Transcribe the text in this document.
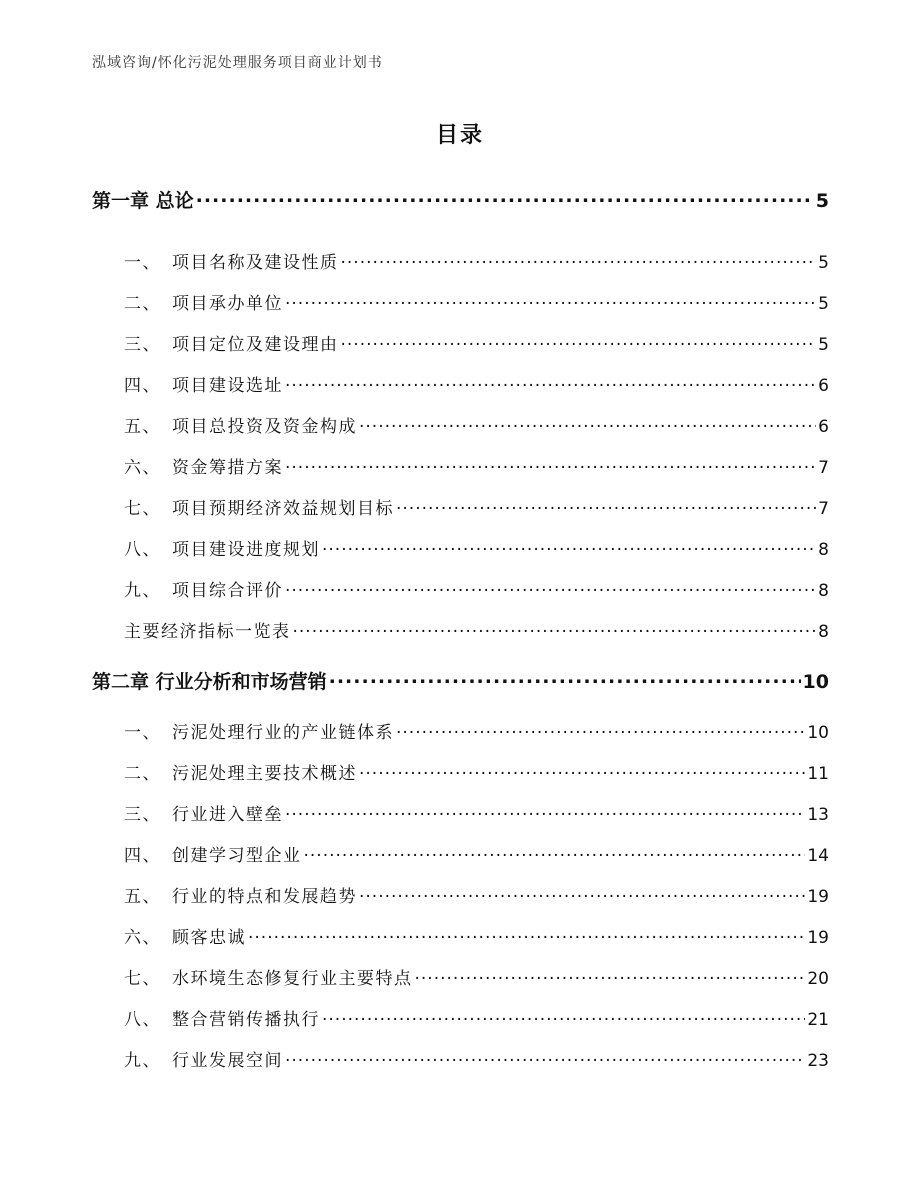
泓域咨询/怀化污泥处理服务项目商业计划书
目录
第一章 总论 .....	5
一、 项目名称及建设性质 .....	5
二、 项目承办单位 .....	5
三、 项目定位及建设理由 .....	5
四、 项目建设选址 .....	6
五、 项目总投资及资金构成 .....	6
六、 资金筹措方案 .....	7
七、 项目预期经济效益规划目标 .....	7
八、 项目建设进度规划 .....	8
九、 项目综合评价 .....	8
主要经济指标一览表 .....	8
第二章 行业分析和市场营销 .....	10
一、 污泥处理行业的产业链体系 .....	10
二、 污泥处理主要技术概述 .....	11
三、 行业进入壁垒 .....	13
四、 创建学习型企业 .....	14
五、 行业的特点和发展趋势 .....	19
六、 顾客忠诚 .....	19
七、 水环境生态修复行业主要特点 .....	20
八、 整合营销传播执行 .....	21
九、 行业发展空间 .....	23
